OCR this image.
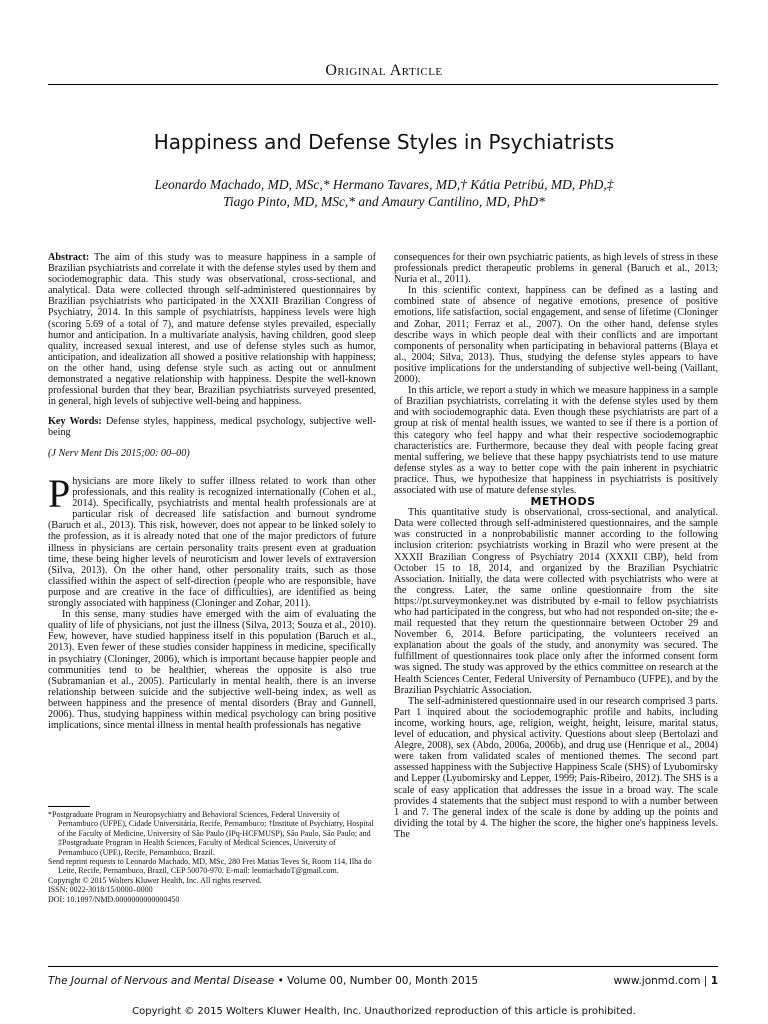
Original Article
Happiness and Defense Styles in Psychiatrists
Leonardo Machado, MD, MSc,* Hermano Tavares, MD,† Kátia Petribú, MD, PhD,‡
Tiago Pinto, MD, MSc,* and Amaury Cantilino, MD, PhD*

Abstract: The aim of this study was to measure happiness in a sample of Brazilian psychiatrists and correlate it with the defense styles used by them and sociodemographic data. This study was observational, cross-sectional, and analytical. Data were collected through self-administered questionnaires by Brazilian psychiatrists who participated in the XXXII Brazilian Congress of Psychiatry, 2014. In this sample of psychiatrists, happiness levels were high (scoring 5.69 of a total of 7), and mature defense styles prevailed, especially humor and anticipation. In a multivariate analysis, having children, good sleep quality, increased sexual interest, and use of defense styles such as humor, anticipation, and idealization all showed a positive relationship with happiness; on the other hand, using defense style such as acting out or annulment demonstrated a negative relationship with happiness. Despite the well-known professional burden that they bear, Brazilian psychiatrists surveyed presented, in general, high levels of subjective well-being and happiness.

Key Words: Defense styles, happiness, medical psychology, subjective well-being

(J Nerv Ment Dis 2015;00: 00–00)

Physicians are more likely to suffer illness related to work than other professionals, and this reality is recognized internationally (Cohen et al., 2014). Specifically, psychiatrists and mental health professionals are at particular risk of decreased life satisfaction and burnout syndrome (Baruch et al., 2013). This risk, however, does not appear to be linked solely to the profession, as it is already noted that one of the major predictors of future illness in physicians are certain personality traits present even at graduation time, these being higher levels of neuroticism and lower levels of extraversion (Silva, 2013). On the other hand, other personality traits, such as those classified within the aspect of self-direction (people who are responsible, have purpose and are creative in the face of difficulties), are identified as being strongly associated with happiness (Cloninger and Zohar, 2011).

In this sense, many studies have emerged with the aim of evaluating the quality of life of physicians, not just the illness (Silva, 2013; Souza et al., 2010). Few, however, have studied happiness itself in this population (Baruch et al., 2013). Even fewer of these studies consider happiness in medicine, specifically in psychiatry (Cloninger, 2006), which is important because happier people and communities tend to be healthier, whereas the opposite is also true (Subramanian et al., 2005). Particularly in mental health, there is an inverse relationship between suicide and the subjective well-being index, as well as between happiness and the presence of mental disorders (Bray and Gunnell, 2006). Thus, studying happiness within medical psychology can bring positive implications, since mental illness in mental health professionals has negative

*Postgraduate Program in Neuropsychiatry and Behavioral Sciences, Federal University of Pernambuco (UFPE), Cidade Universitária, Recife, Pernambuco; †Institute of Psychiatry, Hospital of the Faculty of Medicine, University of São Paulo (IPq-HCFMUSP), São Paulo, São Paulo; and ‡Postgraduate Program in Health Sciences, Faculty of Medical Sciences, University of Pernambuco (UPE), Recife, Pernambuco, Brazil.

Send reprint requests to Leonardo Machado, MD, MSc, 280 Frei Matias Teves St, Room 114, Ilha do Leite, Recife, Pernambuco, Brazil, CEP 50070-970. E-mail: leomachadoT@gmail.com.

Copyright © 2015 Wolters Kluwer Health, Inc. All rights reserved.

ISSN: 0022-3018/15/0000–0000

DOI: 10.1097/NMD.0000000000000450

consequences for their own psychiatric patients, as high levels of stress in these professionals predict therapeutic problems in general (Baruch et al., 2013; Nuria et al., 2011).

In this scientific context, happiness can be defined as a lasting and combined state of absence of negative emotions, presence of positive emotions, life satisfaction, social engagement, and sense of lifetime (Cloninger and Zohar, 2011; Ferraz et al., 2007). On the other hand, defense styles describe ways in which people deal with their conflicts and are important components of personality when participating in behavioral patterns (Blaya et al., 2004; Silva, 2013). Thus, studying the defense styles appears to have positive implications for the understanding of subjective well-being (Vaillant, 2000).

In this article, we report a study in which we measure happiness in a sample of Brazilian psychiatrists, correlating it with the defense styles used by them and with sociodemographic data. Even though these psychiatrists are part of a group at risk of mental health issues, we wanted to see if there is a portion of this category who feel happy and what their respective sociodemographic characteristics are. Furthermore, because they deal with people facing great mental suffering, we believe that these happy psychiatrists tend to use mature defense styles as a way to better cope with the pain inherent in psychiatric practice. Thus, we hypothesize that happiness in psychiatrists is positively associated with use of mature defense styles.

METHODS

This quantitative study is observational, cross-sectional, and analytical. Data were collected through self-administered questionnaires, and the sample was constructed in a nonprobabilistic manner according to the following inclusion criterion: psychiatrists working in Brazil who were present at the XXXII Brazilian Congress of Psychiatry 2014 (XXXII CBP), held from October 15 to 18, 2014, and organized by the Brazilian Psychiatric Association. Initially, the data were collected with psychiatrists who were at the congress. Later, the same online questionnaire from the site https://pt.surveymonkey.net was distributed by e-mail to fellow psychiatrists who had participated in the congress, but who had not responded on-site; the e-mail requested that they return the questionnaire between October 29 and November 6, 2014. Before participating, the volunteers received an explanation about the goals of the study, and anonymity was secured. The fulfillment of questionnaires took place only after the informed consent form was signed. The study was approved by the ethics committee on research at the Health Sciences Center, Federal University of Pernambuco (UFPE), and by the Brazilian Psychiatric Association.

The self-administered questionnaire used in our research comprised 3 parts. Part 1 inquired about the sociodemographic profile and habits, including income, working hours, age, religion, weight, height, leisure, marital status, level of education, and physical activity. Questions about sleep (Bertolazi and Alegre, 2008), sex (Abdo, 2006a, 2006b), and drug use (Henrique et al., 2004) were taken from validated scales of mentioned themes. The second part assessed happiness with the Subjective Happiness Scale (SHS) of Lyubomirsky and Lepper (Lyubomirsky and Lepper, 1999; Pais-Ribeiro, 2012). The SHS is a scale of easy application that addresses the issue in a broad way. The scale provides 4 statements that the subject must respond to with a number between 1 and 7. The general index of the scale is done by adding up the points and dividing the total by 4. The higher the score, the higher one's happiness levels. The

The Journal of Nervous and Mental Disease • Volume 00, Number 00, Month 2015	www.jonmd.com | 1
Copyright © 2015 Wolters Kluwer Health, Inc. Unauthorized reproduction of this article is prohibited.
